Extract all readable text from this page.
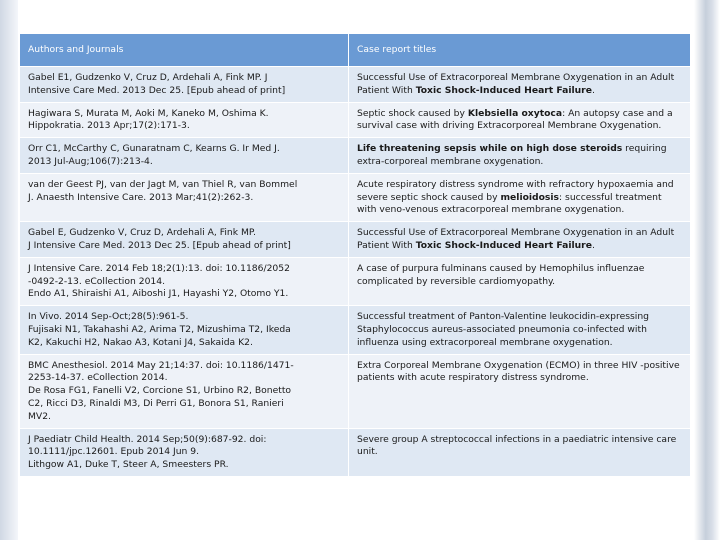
Authors and Journals	Case report titles

Gabel E1, Gudzenko V, Cruz D, Ardehali A, Fink MP. J
Intensive Care Med. 2013 Dec 25. [Epub ahead of print]	Successful Use of Extracorporeal Membrane Oxygenation in an Adult Patient With Toxic Shock-Induced Heart Failure.

Hagiwara S, Murata M, Aoki M, Kaneko M, Oshima K.
Hippokratia. 2013 Apr;17(2):171-3.	Septic shock caused by Klebsiella oxytoca: An autopsy case and a survival case with driving Extracorporeal Membrane Oxygenation.

Orr C1, McCarthy C, Gunaratnam C, Kearns G. Ir Med J.
2013 Jul-Aug;106(7):213-4.	Life threatening sepsis while on high dose steroids requiring extra-corporeal membrane oxygenation.

van der Geest PJ, van der Jagt M, van Thiel R, van Bommel
J. Anaesth Intensive Care. 2013 Mar;41(2):262-3.	Acute respiratory distress syndrome with refractory hypoxaemia and severe septic shock caused by melioidosis: successful treatment with veno-venous extracorporeal membrane oxygenation.

Gabel E, Gudzenko V, Cruz D, Ardehali A, Fink MP.
J Intensive Care Med. 2013 Dec 25. [Epub ahead of print]	Successful Use of Extracorporeal Membrane Oxygenation in an Adult Patient With Toxic Shock-Induced Heart Failure.

J Intensive Care. 2014 Feb 18;2(1):13. doi: 10.1186/2052
-0492-2-13. eCollection 2014.
Endo A1, Shiraishi A1, Aiboshi J1, Hayashi Y2, Otomo Y1.	A case of purpura fulminans caused by Hemophilus influenzae complicated by reversible cardiomyopathy.

In Vivo. 2014 Sep-Oct;28(5):961-5.
Fujisaki N1, Takahashi A2, Arima T2, Mizushima T2, Ikeda
K2, Kakuchi H2, Nakao A3, Kotani J4, Sakaida K2.	Successful treatment of Panton-Valentine leukocidin-expressing Staphylococcus aureus-associated pneumonia co-infected with influenza using extracorporeal membrane oxygenation.

BMC Anesthesiol. 2014 May 21;14:37. doi: 10.1186/1471-
2253-14-37. eCollection 2014.
De Rosa FG1, Fanelli V2, Corcione S1, Urbino R2, Bonetto
C2, Ricci D3, Rinaldi M3, Di Perri G1, Bonora S1, Ranieri
MV2.	Extra Corporeal Membrane Oxygenation (ECMO) in three HIV -positive patients with acute respiratory distress syndrome.

J Paediatr Child Health. 2014 Sep;50(9):687-92. doi:
10.1111/jpc.12601. Epub 2014 Jun 9.
Lithgow A1, Duke T, Steer A, Smeesters PR.	Severe group A streptococcal infections in a paediatric intensive care unit.
